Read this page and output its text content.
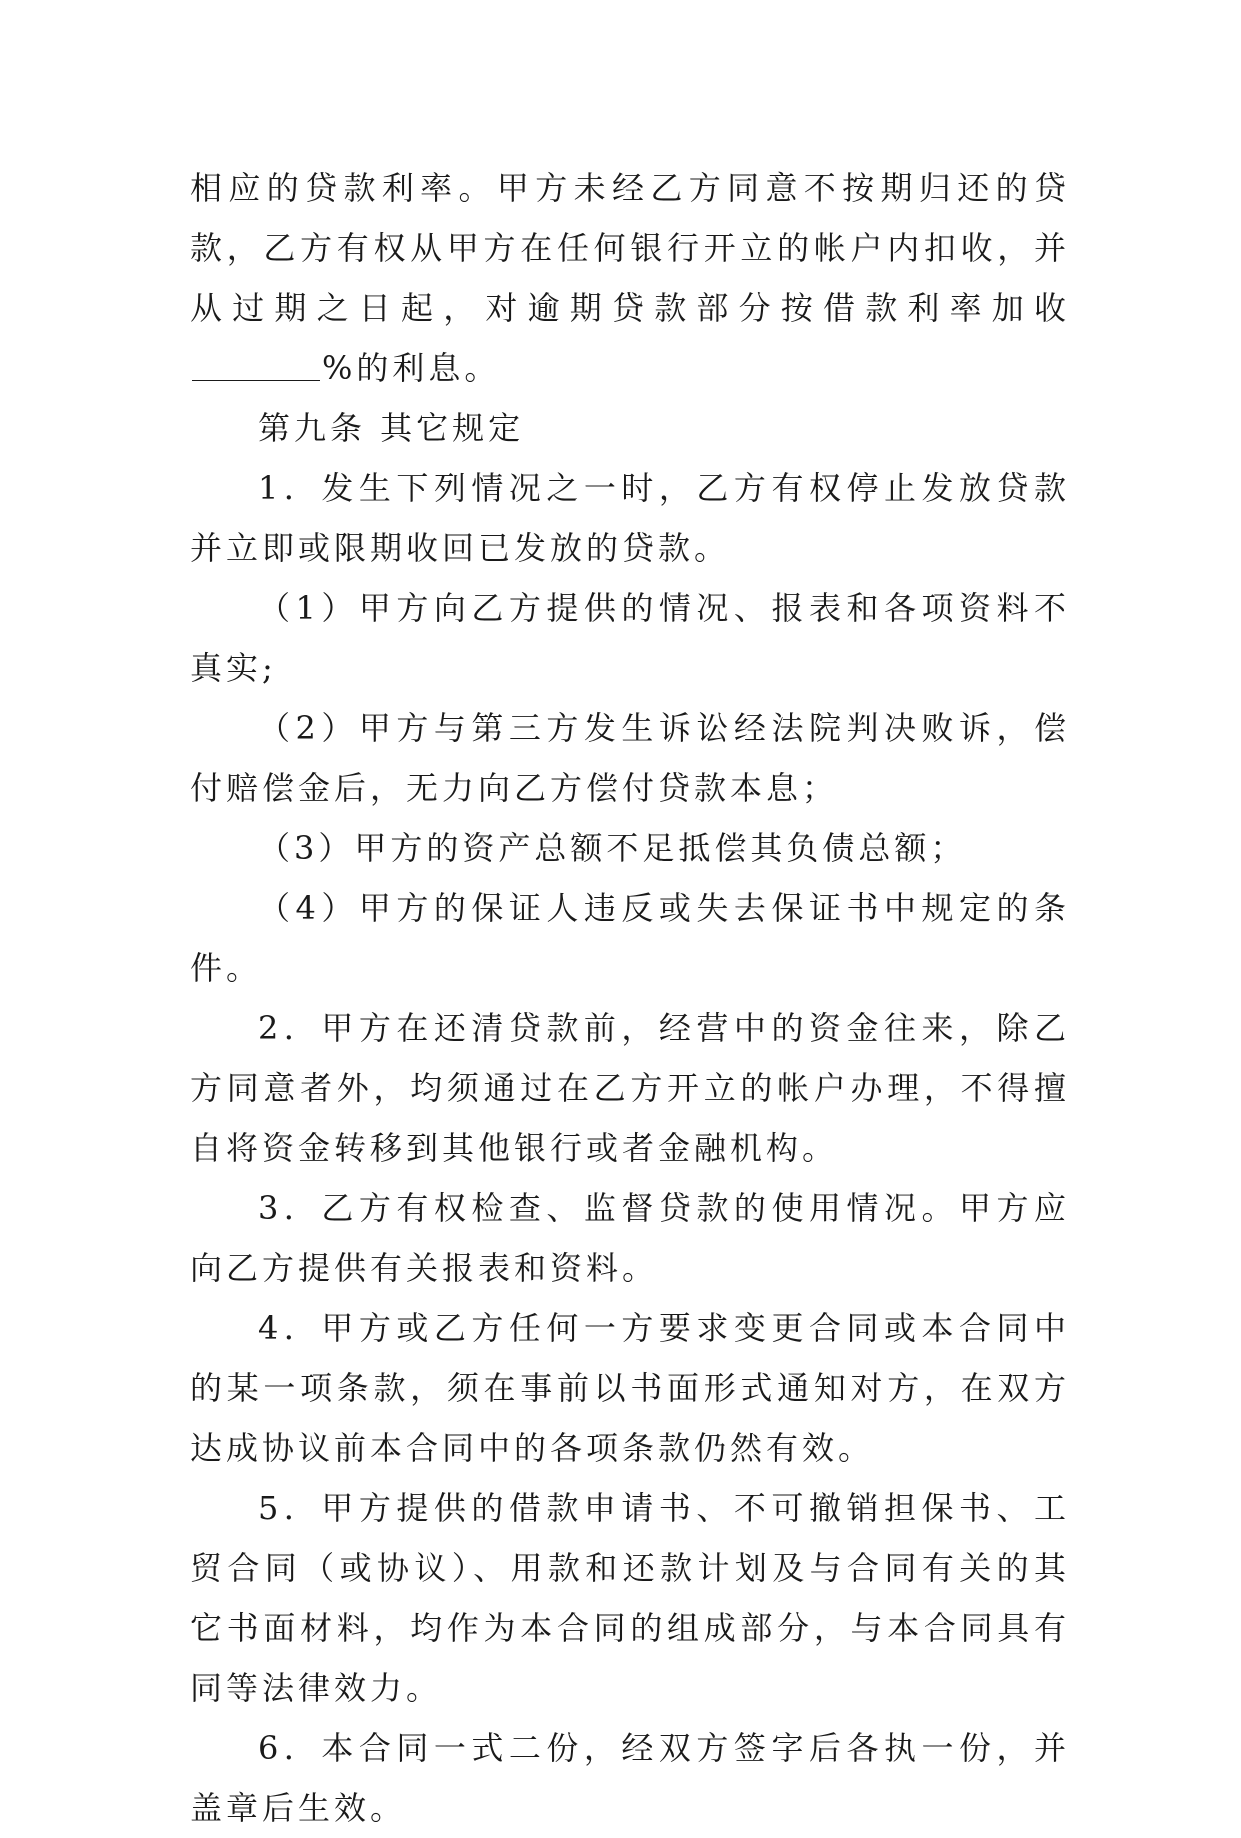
相应的贷款利率。甲方未经乙方同意不按期归还的贷款，乙方有权从甲方在任何银行开立的帐户内扣收，并从过期之日起，对逾期贷款部分按借款利率加收%的利息。

第九条 其它规定

1．发生下列情况之一时，乙方有权停止发放贷款并立即或限期收回已发放的贷款。

（1）甲方向乙方提供的情况、报表和各项资料不真实;

（2）甲方与第三方发生诉讼经法院判决败诉，偿付赔偿金后，无力向乙方偿付贷款本息；

（3）甲方的资产总额不足抵偿其负债总额；

（4）甲方的保证人违反或失去保证书中规定的条件。

2．甲方在还清贷款前，经营中的资金往来，除乙方同意者外，均须通过在乙方开立的帐户办理，不得擅自将资金转移到其他银行或者金融机构。

3．乙方有权检查、监督贷款的使用情况。甲方应向乙方提供有关报表和资料。

4．甲方或乙方任何一方要求变更合同或本合同中的某一项条款，须在事前以书面形式通知对方，在双方达成协议前本合同中的各项条款仍然有效。

5．甲方提供的借款申请书、不可撤销担保书、工贸合同（或协议）、用款和还款计划及与合同有关的其它书面材料，均作为本合同的组成部分，与本合同具有同等法律效力。

6．本合同一式二份，经双方签字后各执一份，并盖章后生效。
